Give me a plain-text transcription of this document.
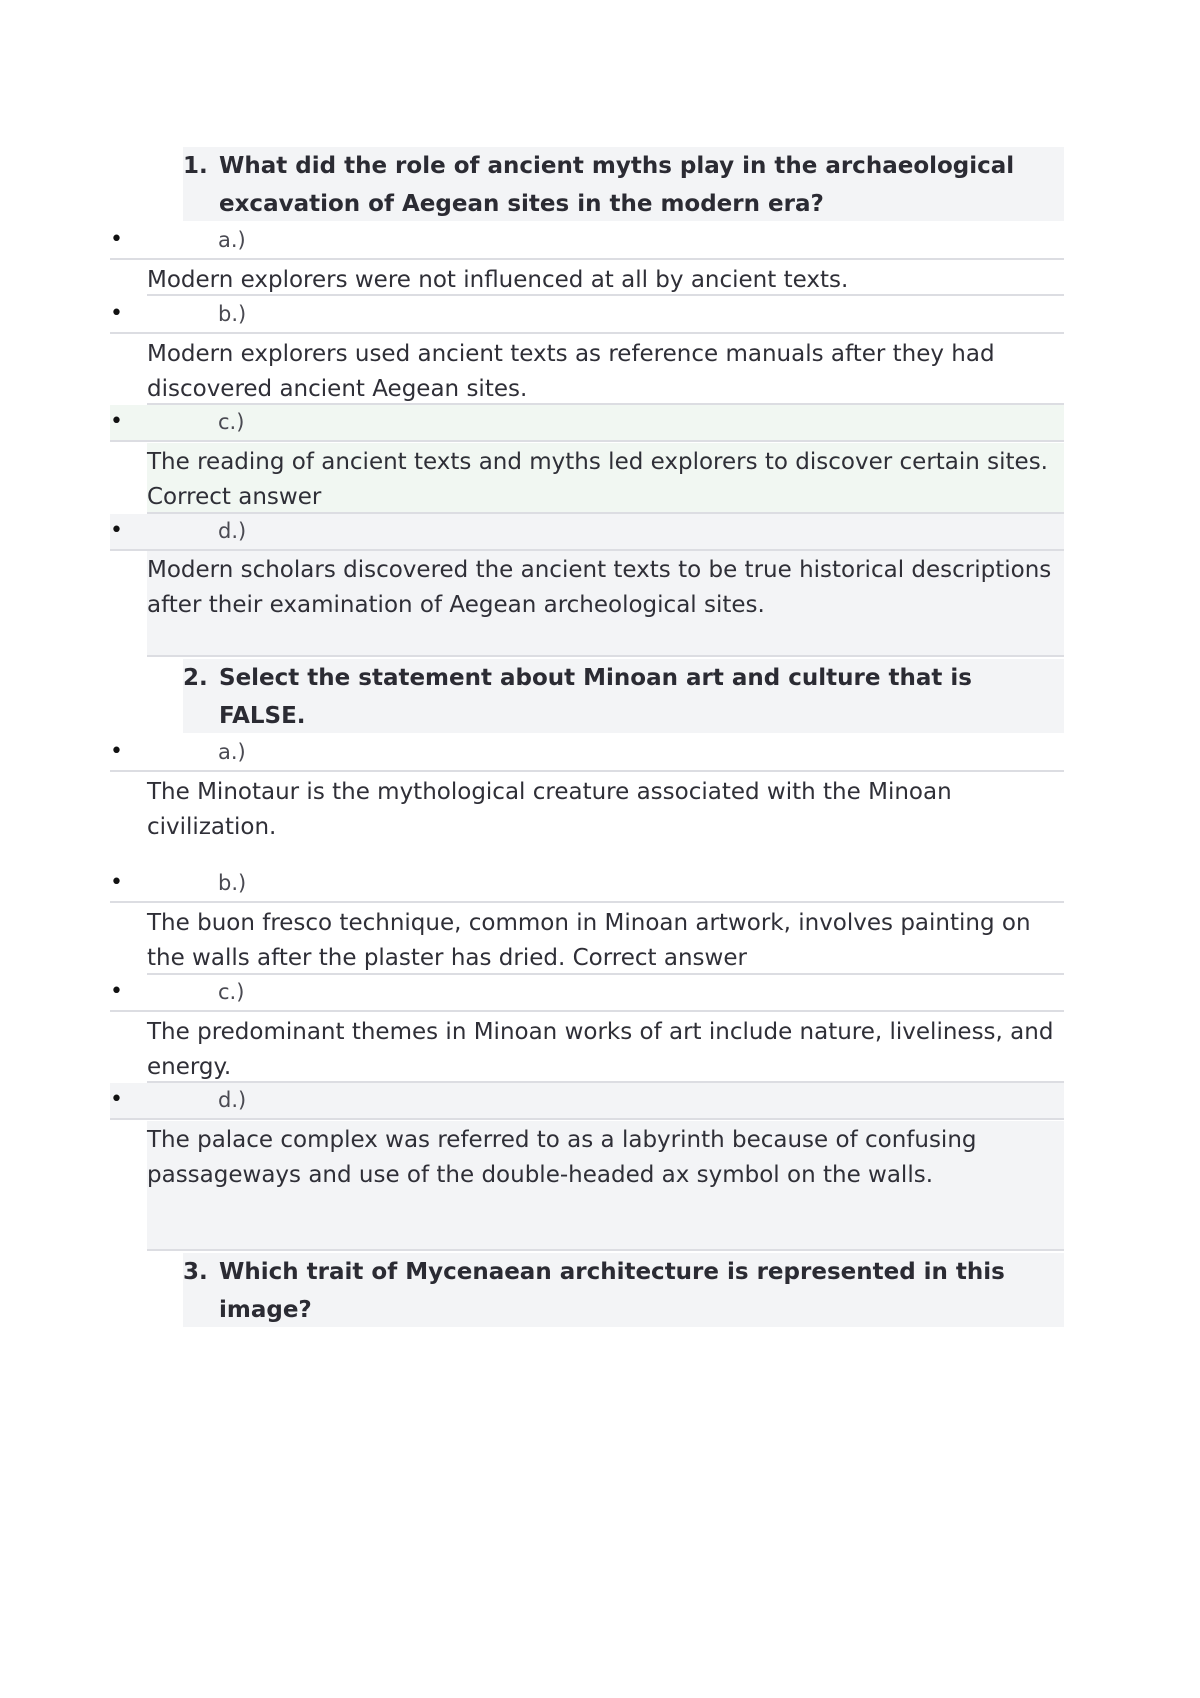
1. What did the role of ancient myths play in the archaeological excavation of Aegean sites in the modern era?
•	a.)
Modern explorers were not influenced at all by ancient texts.
•	b.)
Modern explorers used ancient texts as reference manuals after they had discovered ancient Aegean sites.
•	c.)
The reading of ancient texts and myths led explorers to discover certain sites. Correct answer
•	d.)
Modern scholars discovered the ancient texts to be true historical descriptions after their examination of Aegean archeological sites.
2. Select the statement about Minoan art and culture that is FALSE.
•	a.)
The Minotaur is the mythological creature associated with the Minoan civilization.
•	b.)
The buon fresco technique, common in Minoan artwork, involves painting on the walls after the plaster has dried. Correct answer
•	c.)
The predominant themes in Minoan works of art include nature, liveliness, and energy.
•	d.)
The palace complex was referred to as a labyrinth because of confusing passageways and use of the double-headed ax symbol on the walls.
3. Which trait of Mycenaean architecture is represented in this image?
